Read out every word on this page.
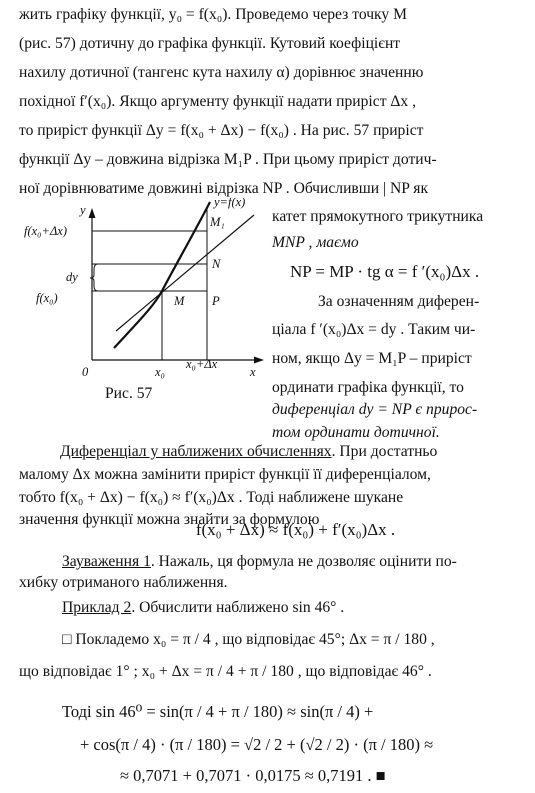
жить графіку функції, y₀ = f(x₀). Проведемо через точку M
(рис. 57) дотичну до графіка функції. Кутовий коефіцієнт
нахилу дотичної (тангенс кута нахилу α) дорівнює значенню
похідної f′(x₀). Якщо аргументу функції надати приріст Δx ,
то приріст функції Δy = f(x₀ + Δx) − f(x₀) . На рис. 57 приріст
функції Δy – довжина відрізка M₁P . При цьому приріст дотич-
ної дорівнюватиме довжині відрізка NP . Обчисливши | NP як
катет прямокутного трикутника
MNP , маємо
NP = MP · tg α = f ′(x₀)Δx .
За означенням диферен-
ціала f ′(x₀)Δx = dy . Таким чи-
ном, якщо Δy = M₁P – приріст
ординати графіка функції, то
диференціал dy = NP є прирос-
том ординати дотичної.
y
x
0
y=f(x)
f(x₀+Δx)
dy
f(x₀)
M₁
N
M P
x₀
x₀+Δx
Рис. 57
Диференціал у наближених обчисленнях. При достатньо
малому Δx можна замінити приріст функції її диференціалом,
тобто f(x₀ + Δx) − f(x₀) ≈ f′(x₀)Δx . Тоді наближене шукане
значення функції можна знайти за формулою
f(x₀ + Δx) ≈ f(x₀) + f′(x₀)Δx .
Зауваження 1. Нажаль, ця формула не дозволяє оцінити по-
хибку отриманого наближення.
Приклад 2. Обчислити наближено sin 46° .
□ Покладемо x₀ = π / 4 , що відповідає 45°; Δx = π / 180 ,
що відповідає 1° ; x₀ + Δx = π / 4 + π / 180 , що відповідає 46° .
Тоді sin 46⁰ = sin(π / 4 + π / 180) ≈ sin(π / 4) +
+ cos(π / 4) · (π / 180) = √2 / 2 + (√2 / 2) · (π / 180) ≈
≈ 0,7071 + 0,7071 · 0,0175 ≈ 0,7191 . ■
